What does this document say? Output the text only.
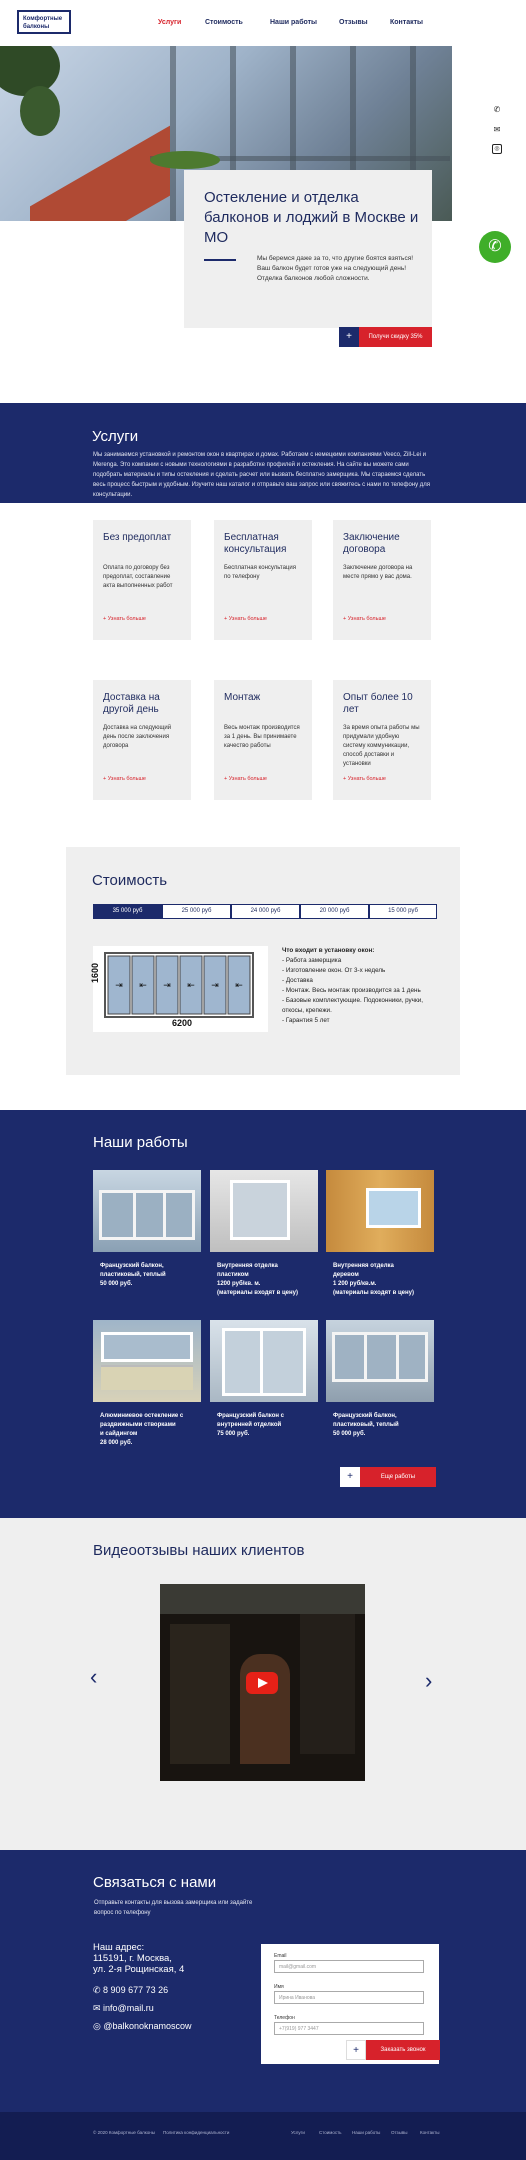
Комфортные балконы
Услуги	Стоимость	Наши работы	Отзывы	Контакты
✆
✉
◎
✆
Остекление и отделка балконов и лоджий в Москве и МО
Мы беремся даже за то, что другие боятся взяться!
Ваш балкон будет готов уже на следующий день!
Отделка балконов любой сложности.
+	Получи скидку 35%
Услуги
Мы занимаемся установкой и ремонтом окон в квартирах и домах. Работаем с немецкими компаниями Veeco, Zill-Lei и Merenga. Это компании с новыми технологиями в разработке профилей и остекления. На сайте вы можете сами подобрать материалы и типы остекления и сделать расчет или вызвать бесплатно замерщика. Мы стараемся сделать весь процесс быстрым и удобным. Изучите наш каталог и отправьте ваш запрос или свяжитесь с нами по телефону для консультации.
Без предоплат

Оплата по договору без предоплат, составление акта выполненных работ

+ Узнать больше
Бесплатная консультация

Бесплатная консультация по телефону

+ Узнать больше
Заключение договора

Заключение договора на месте прямо у вас дома.

+ Узнать больше
Доставка на другой день

Доставка на следующий день после заключения договора

+ Узнать больше
Монтаж

Весь монтаж производится за 1 день. Вы принимаете качество работы

+ Узнать больше
Опыт более 10 лет

За время опыта работы мы придумали удобную систему коммуникации, способ доставки и установки

+ Узнать больше
Стоимость
35 000 руб	25 000 руб	24 000 руб	20 000 руб	15 000 руб
⇥ ⇤ ⇥ ⇤ ⇥ ⇤
1600
6200
Что входит в установку окон:
- Работа замерщика
- Изготовление окон. От 3-х недель
- Доставка
- Монтаж. Весь монтаж производится за 1 день
- Базовые комплектующие. Подоконники, ручки, откосы, крепежи.
- Гарантия 5 лет
Наши работы
Французский балкон,
пластиковый, теплый
50 000 руб.
Внутренняя отделка
пластиком
1200 руб/кв. м.
(материалы входят в цену)
Внутренняя отделка
деревом
1 200 руб/кв.м.
(материалы входят в цену)
Алюминиевое остекление с
раздвижными створками
и сайдингом
28 000 руб.
Французский балкон с
внутренней отделкой
75 000 руб.
Французский балкон,
пластиковый, теплый
50 000 руб.
+	Еще работы
Видеоотзывы наших клиентов
‹	›
Связаться с нами
Отправьте контакты для вызова замерщика или задайте вопрос по телефону
Наш адрес:
115191, г. Москва,
ул. 2-я Рощинская, 4
✆ 8 909 677 73 26
✉ info@mail.ru
◎ @balkonoknamoscow
Email
mail@gmail.com
Имя
Ирина Иванова
Телефон
+7(919) 977 3447
+	Заказать звонок
© 2020 Комфортные балконы Политика конфиденциальности	Услуги	Стоимость Наши работы Отзывы	Контакты
